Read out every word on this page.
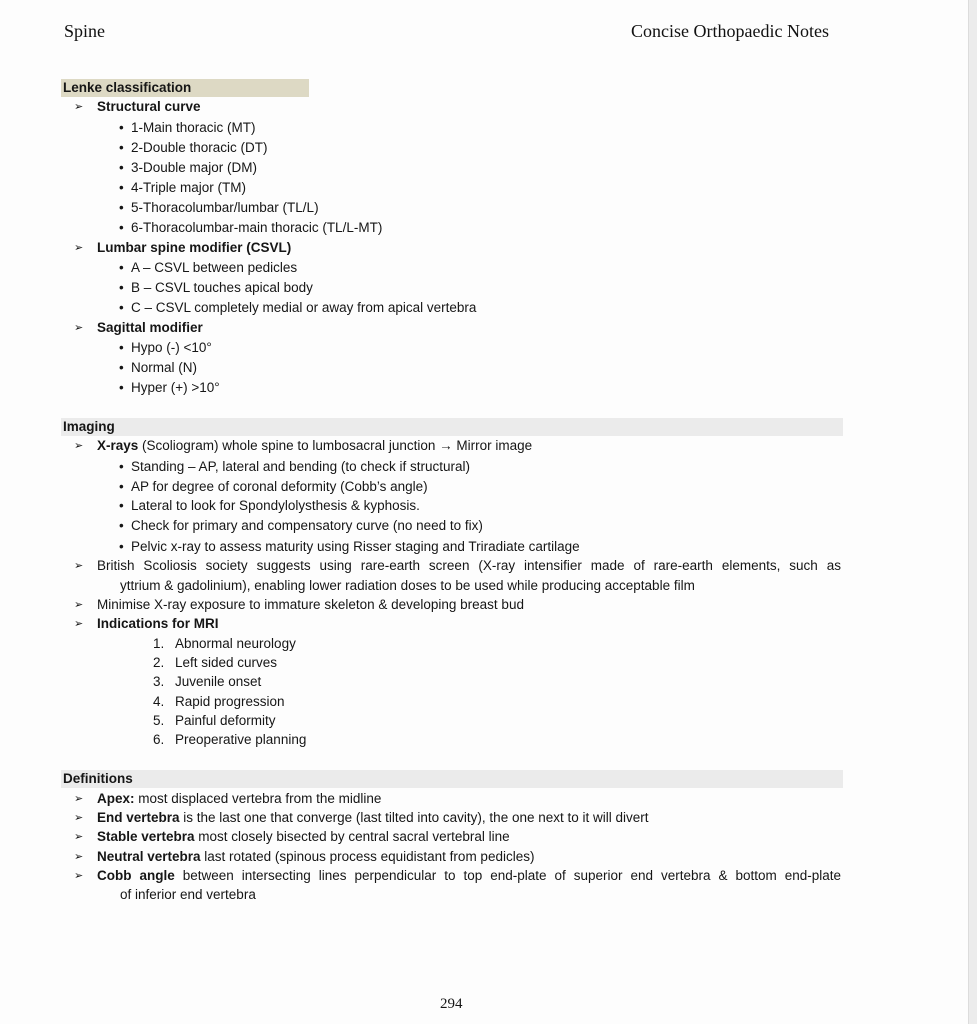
Spine	Concise Orthopaedic Notes
Lenke classification
➢ Structural curve
• 1-Main thoracic (MT)
• 2-Double thoracic (DT)
• 3-Double major (DM)
• 4-Triple major (TM)
• 5-Thoracolumbar/lumbar (TL/L)
• 6-Thoracolumbar-main thoracic (TL/L-MT)
➢ Lumbar spine modifier (CSVL)
• A – CSVL between pedicles
• B – CSVL touches apical body
• C – CSVL completely medial or away from apical vertebra
➢ Sagittal modifier
• Hypo (-) <10°
• Normal (N)
• Hyper (+) >10°
Imaging
➢ X-rays (Scoliogram) whole spine to lumbosacral junction → Mirror image
• Standing – AP, lateral and bending (to check if structural)
• AP for degree of coronal deformity (Cobb’s angle)
• Lateral to look for Spondylolysthesis & kyphosis.
• Check for primary and compensatory curve (no need to fix)
• Pelvic x-ray to assess maturity using Risser staging and Triradiate cartilage
➢ British Scoliosis society suggests using rare-earth screen (X-ray intensifier made of rare-earth elements, such as
yttrium & gadolinium), enabling lower radiation doses to be used while producing acceptable film
➢ Minimise X-ray exposure to immature skeleton & developing breast bud
➢ Indications for MRI
1. Abnormal neurology
2. Left sided curves
3. Juvenile onset
4. Rapid progression
5. Painful deformity
6. Preoperative planning
Definitions
➢ Apex: most displaced vertebra from the midline
➢ End vertebra is the last one that converge (last tilted into cavity), the one next to it will divert
➢ Stable vertebra most closely bisected by central sacral vertebral line
➢ Neutral vertebra last rotated (spinous process equidistant from pedicles)
➢ Cobb angle between intersecting lines perpendicular to top end-plate of superior end vertebra & bottom end-plate
of inferior end vertebra
294
